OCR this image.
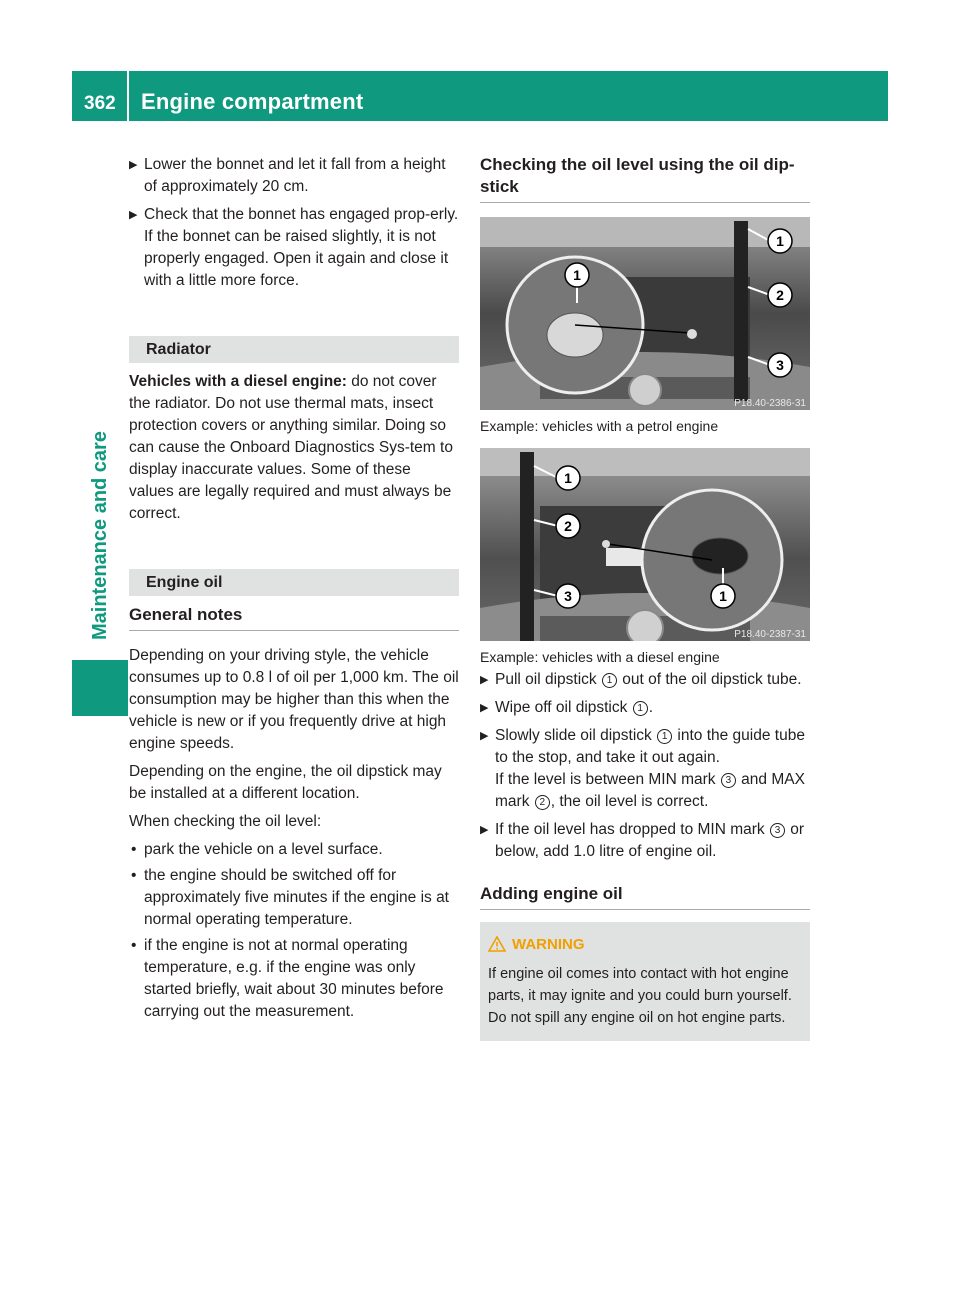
362 Engine compartment
Maintenance and care
▶ Lower the bonnet and let it fall from a height of approximately 20 cm.
▶ Check that the bonnet has engaged prop-erly.
If the bonnet can be raised slightly, it is not properly engaged. Open it again and close it with a little more force.
Radiator

Vehicles with a diesel engine: do not cover the radiator. Do not use thermal mats, insect protection covers or anything similar. Doing so can cause the Onboard Diagnostics Sys-tem to display inaccurate values. Some of these values are legally required and must always be correct.

Engine oil
General notes

Depending on your driving style, the vehicle consumes up to 0.8 l of oil per 1,000 km. The oil consumption may be higher than this when the vehicle is new or if you frequently drive at high engine speeds.

Depending on the engine, the oil dipstick may be installed at a different location.

When checking the oil level:

• park the vehicle on a level surface.
• the engine should be switched off for approximately five minutes if the engine is at normal operating temperature.
• if the engine is not at normal operating temperature, e.g. if the engine was only started briefly, wait about 30 minutes before carrying out the measurement.
Checking the oil level using the oil dip-stick
1
1
2
3
P18.40-2386-31
Example: vehicles with a petrol engine
1
2
3	1
P18.40-2387-31
Example: vehicles with a diesel engine
▶ Pull oil dipstick 1 out of the oil dipstick tube.
▶ Wipe off oil dipstick 1 .
▶ Slowly slide oil dipstick 1 into the guide tube to the stop, and take it out again.
If the level is between MIN mark 3 and MAX mark 2 , the oil level is correct.
▶ If the oil level has dropped to MIN mark 3 or below, add 1.0 litre of engine oil.
Adding engine oil
WARNING
If engine oil comes into contact with hot engine parts, it may ignite and you could burn yourself. Do not spill any engine oil on hot engine parts.
